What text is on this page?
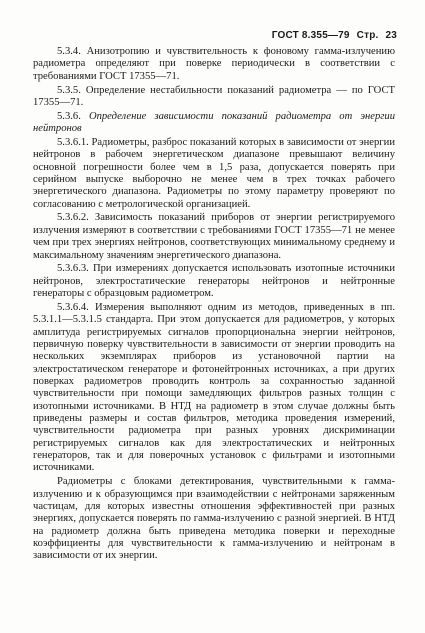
ГОСТ 8.355—79 Стр. 23

5.3.4. Анизотропию и чувствительность к фоновому гамма-излучению радиометра определяют при поверке периодически в соответствии с требованиями ГОСТ 17355—71.

5.3.5. Определение нестабильности показаний радиометра — по ГОСТ 17355—71.

5.3.6. Определение зависимости показаний радиометра от энергии нейтронов

5.3.6.1. Радиометры, разброс показаний которых в зависимости от энергии нейтронов в рабочем энергетическом диапазоне превышают величину основной погрешности более чем в 1,5 раза, допускается поверять при серийном выпуске выборочно не менее чем в трех точках рабочего энергетического диапазона. Радиометры по этому параметру проверяют по согласованию с метрологической организацией.

5.3.6.2. Зависимость показаний приборов от энергии регистрируемого излучения измеряют в соответствии с требованиями ГОСТ 17355—71 не менее чем при трех энергиях нейтронов, соответствующих минимальному среднему и максимальному значениям энергетического диапазона.

5.3.6.3. При измерениях допускается использовать изотопные источники нейтронов, электростатические генераторы нейтронов и нейтронные генераторы с образцовым радиометром.

5.3.6.4. Измерения выполняют одним из методов, приведенных в пп. 5.3.1.1—5.3.1.5 стандарта. При этом допускается для радиометров, у которых амплитуда регистрируемых сигналов пропорциональна энергии нейтронов, первичную поверку чувствительности в зависимости от энергии проводить на нескольких экземплярах приборов из установочной партии на электростатическом генераторе и фотонейтронных источниках, а при других поверках радиометров проводить контроль за сохранностью заданной чувствительности при помощи замедляющих фильтров разных толщин с изотопными источниками. В НТД на радиометр в этом случае должны быть приведены размеры и состав фильтров, методика проведения измерений, чувствительности радиометра при разных уровнях дискриминации регистрируемых сигналов как для электростатических и нейтронных генераторов, так и для поверочных установок с фильтрами и изотопными источниками.

Радиометры с блоками детектирования, чувствительными к гамма-излучению и к образующимся при взаимодействии с нейтронами заряженным частицам, для которых известны отношения эффективностей при разных энергиях, допускается поверять по гамма-излучению с разной энергией. В НТД на радиометр должна быть приведена методика поверки и переходные коэффициенты для чувствительности к гамма-излучению и нейтронам в зависимости от их энергии.
